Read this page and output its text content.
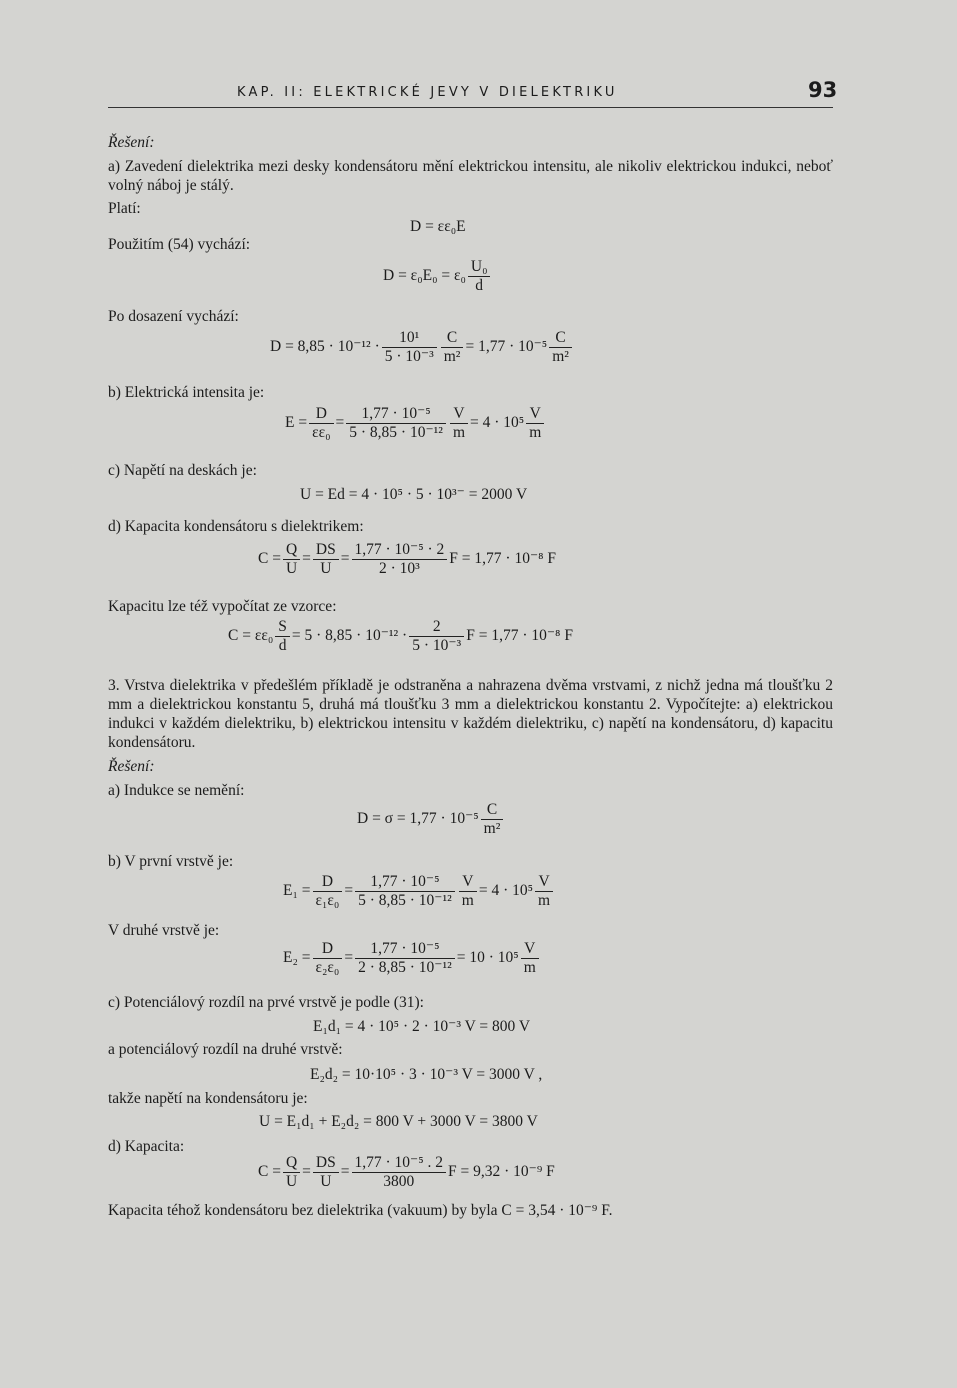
KAP. II: ELEKTRICKÉ JEVY V DIELEKTRIKU	93
Řešení:
a) Zavedení dielektrika mezi desky kondensátoru mění elektrickou intensitu, ale nikoliv elektrickou indukci, neboť volný náboj je stálý.
Platí:
D = εε₀E
Použitím (54) vychází:
$D = \varepsilon_0E_0 = \varepsilon_0 \frac{\text{U₀}}{d}$
Po dosazení vychází:
$D = 8,85 \cdot 10^{-12} \cdot \frac{\text{10¹}}{\text{5 · 10⁻³}} \frac{C}{\text{m²}} = 1,77 \cdot 10^{-5} \frac{C}{\text{m²}}$
b) Elektrická intensita je:
$E = \frac{D}{\text{εε₀}} = \frac{\text{1,77 · 10⁻⁵}}{\text{5 · 8,85 · 10⁻¹²}} \frac{V}{m} = 4 \cdot 10^5 \frac{V}{m}$
c) Napětí na deskách je:
U = Ed = 4 · 10⁵ · 5 · 10³⁻ = 2000 V
d) Kapacita kondensátoru s dielektrikem:
$C = \frac{Q}{U} = \frac{DS}{U} = \frac{\text{1,77 · 10⁻⁵ · 2}}{\text{2 · 10³}}$ F = 1,77 · 10⁻⁸ F
Kapacitu lze též vypočítat ze vzorce:
$C = \varepsilon\varepsilon_0 \frac{S}{d} = 5 \cdot 8,85 \cdot 10^{-12} \cdot \frac{2}{\text{5 · 10⁻³}}$ F = 1,77 · 10⁻⁸ F
3. Vrstva dielektrika v předešlém příkladě je odstraněna a nahrazena dvěma vrstvami, z nichž jedna má tloušťku 2 mm a dielektrickou konstantu 5, druhá má tloušťku 3 mm a dielektrickou konstantu 2. Vypočítejte: a) elektrickou indukci v každém dielektriku, b) elektrickou intensitu v každém dielektriku, c) napětí na kondensátoru, d) kapacitu kondensátoru.
Řešení:
a) Indukce se nemění:
$D = \sigma = 1,77 \cdot 10^{-5} \frac{C}{\text{m²}}$
b) V první vrstvě je:
$E_1 = \frac{D}{\text{ε₁ε₀}} = \frac{\text{1,77 · 10⁻⁵}}{\text{5 · 8,85 · 10⁻¹²}} \frac{V}{m} = 4 \cdot 10^5 \frac{V}{m}$
V druhé vrstvě je:
$E_2 = \frac{D}{\text{ε₂ε₀}} = \frac{\text{1,77 · 10⁻⁵}}{\text{2 · 8,85 · 10⁻¹²}} = 10 \cdot 10^5 \frac{V}{m}$
c) Potenciálový rozdíl na prvé vrstvě je podle (31):
E₁d₁ = 4 · 10⁵ · 2 · 10⁻³ V = 800 V
a potenciálový rozdíl na druhé vrstvě:
E₂d₂ = 10·10⁵ · 3 · 10⁻³ V = 3000 V ,
takže napětí na kondensátoru je:
U = E₁d₁ + E₂d₂ = 800 V + 3000 V = 3800 V
d) Kapacita:
$C = \frac{Q}{U} = \frac{DS}{U} = \frac{\text{1,77 · 10⁻⁵ . 2}}{3800}$ F = 9,32 · 10⁻⁹ F
Kapacita téhož kondensátoru bez dielektrika (vakuum) by byla C = 3,54 · 10⁻⁹ F.
